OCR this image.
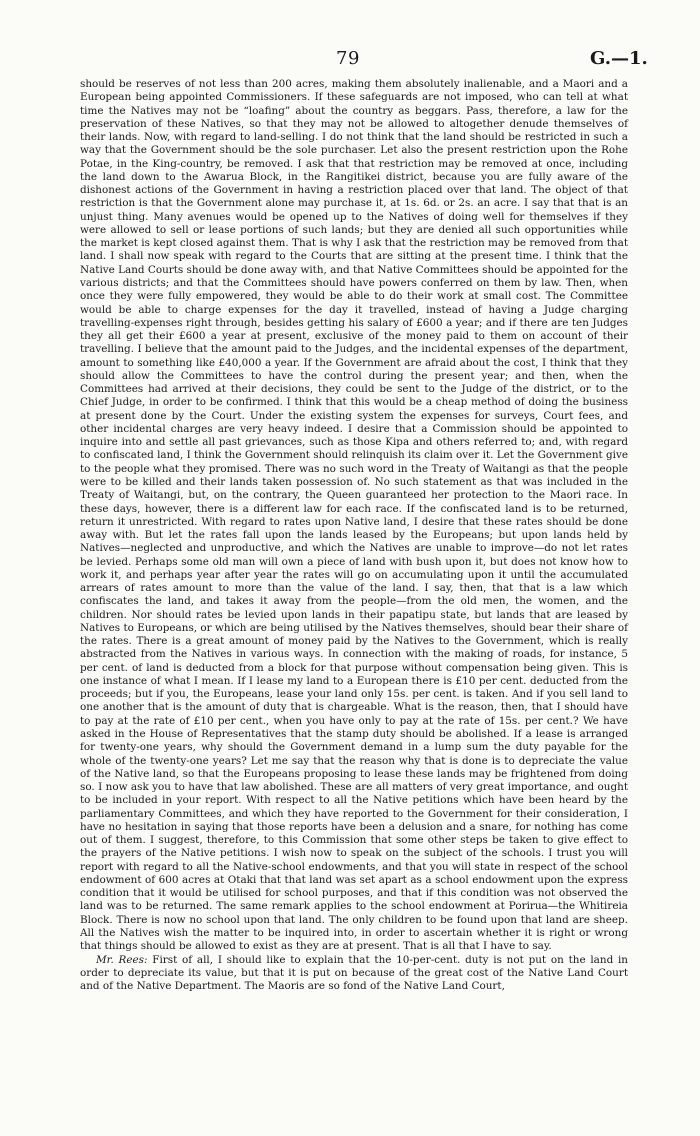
79	G.—1.

should be reserves of not less than 200 acres, making them absolutely inalienable, and a Maori and a European being appointed Commissioners. If these safeguards are not imposed, who can tell at what time the Natives may not be “loafing” about the country as beggars. Pass, therefore, a law for the preservation of these Natives, so that they may not be allowed to altogether denude themselves of their lands. Now, with regard to land-selling. I do not think that the land should be restricted in such a way that the Government should be the sole purchaser. Let also the present restriction upon the Rohe Potae, in the King-country, be removed. I ask that that restriction may be removed at once, including the land down to the Awarua Block, in the Rangitikei district, because you are fully aware of the dishonest actions of the Government in having a restriction placed over that land. The object of that restriction is that the Government alone may purchase it, at 1s. 6d. or 2s. an acre. I say that that is an unjust thing. Many avenues would be opened up to the Natives of doing well for themselves if they were allowed to sell or lease portions of such lands; but they are denied all such opportunities while the market is kept closed against them. That is why I ask that the restriction may be removed from that land. I shall now speak with regard to the Courts that are sitting at the present time. I think that the Native Land Courts should be done away with, and that Native Committees should be appointed for the various districts; and that the Committees should have powers conferred on them by law. Then, when once they were fully empowered, they would be able to do their work at small cost. The Committee would be able to charge expenses for the day it travelled, instead of having a Judge charging travelling-expenses right through, besides getting his salary of £600 a year; and if there are ten Judges they all get their £600 a year at present, exclusive of the money paid to them on account of their travelling. I believe that the amount paid to the Judges, and the incidental expenses of the department, amount to something like £40,000 a year. If the Government are afraid about the cost, I think that they should allow the Committees to have the control during the present year; and then, when the Committees had arrived at their decisions, they could be sent to the Judge of the district, or to the Chief Judge, in order to be confirmed. I think that this would be a cheap method of doing the business at present done by the Court. Under the existing system the expenses for surveys, Court fees, and other incidental charges are very heavy indeed. I desire that a Commission should be appointed to inquire into and settle all past grievances, such as those Kipa and others referred to; and, with regard to confiscated land, I think the Government should relinquish its claim over it. Let the Government give to the people what they promised. There was no such word in the Treaty of Waitangi as that the people were to be killed and their lands taken possession of. No such statement as that was included in the Treaty of Waitangi, but, on the contrary, the Queen guaranteed her protection to the Maori race. In these days, however, there is a different law for each race. If the confiscated land is to be returned, return it unrestricted. With regard to rates upon Native land, I desire that these rates should be done away with. But let the rates fall upon the lands leased by the Europeans; but upon lands held by Natives—neglected and unproductive, and which the Natives are unable to improve—do not let rates be levied. Perhaps some old man will own a piece of land with bush upon it, but does not know how to work it, and perhaps year after year the rates will go on accumulating upon it until the accumulated arrears of rates amount to more than the value of the land. I say, then, that that is a law which confiscates the land, and takes it away from the people—from the old men, the women, and the children. Nor should rates be levied upon lands in their papatipu state, but lands that are leased by Natives to Europeans, or which are being utilised by the Natives themselves, should bear their share of the rates. There is a great amount of money paid by the Natives to the Government, which is really abstracted from the Natives in various ways. In connection with the making of roads, for instance, 5 per cent. of land is deducted from a block for that purpose without compensation being given. This is one instance of what I mean. If I lease my land to a European there is £10 per cent. deducted from the proceeds; but if you, the Europeans, lease your land only 15s. per cent. is taken. And if you sell land to one another that is the amount of duty that is chargeable. What is the reason, then, that I should have to pay at the rate of £10 per cent., when you have only to pay at the rate of 15s. per cent.? We have asked in the House of Representatives that the stamp duty should be abolished. If a lease is arranged for twenty-one years, why should the Government demand in a lump sum the duty payable for the whole of the twenty-one years? Let me say that the reason why that is done is to depreciate the value of the Native land, so that the Europeans proposing to lease these lands may be frightened from doing so. I now ask you to have that law abolished. These are all matters of very great importance, and ought to be included in your report. With respect to all the Native petitions which have been heard by the parliamentary Committees, and which they have reported to the Government for their consideration, I have no hesitation in saying that those reports have been a delusion and a snare, for nothing has come out of them. I suggest, therefore, to this Commission that some other steps be taken to give effect to the prayers of the Native petitions. I wish now to speak on the subject of the schools. I trust you will report with regard to all the Native-school endowments, and that you will state in respect of the school endowment of 600 acres at Otaki that that land was set apart as a school endowment upon the express condition that it would be utilised for school purposes, and that if this condition was not observed the land was to be returned. The same remark applies to the school endowment at Porirua—the Whitireia Block. There is now no school upon that land. The only children to be found upon that land are sheep. All the Natives wish the matter to be inquired into, in order to ascertain whether it is right or wrong that things should be allowed to exist as they are at present. That is all that I have to say.

Mr. Rees: First of all, I should like to explain that the 10-per-cent. duty is not put on the land in order to depreciate its value, but that it is put on because of the great cost of the Native Land Court and of the Native Department. The Maoris are so fond of the Native Land Court,
